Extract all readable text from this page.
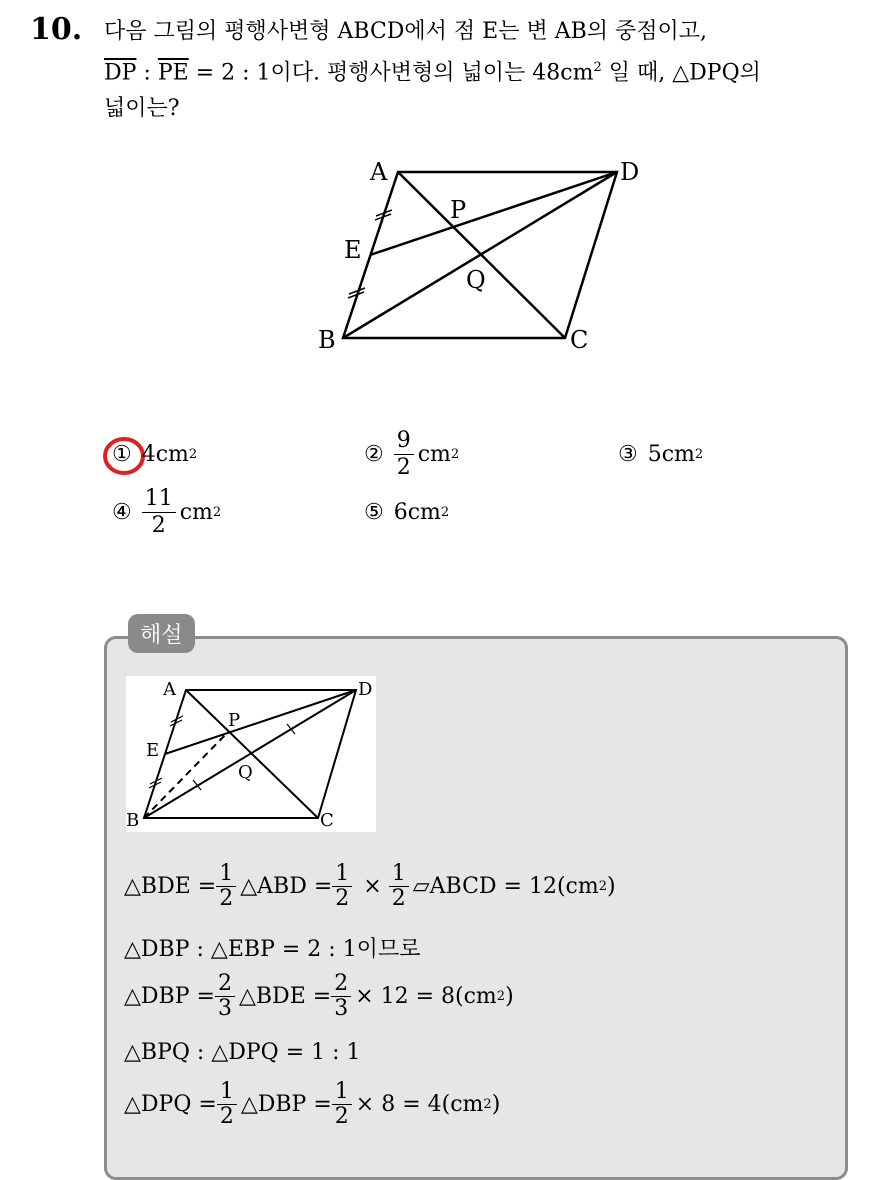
10. 다음 그림의 평행사변형 ABCD에서 점 E는 변 AB의 중점이고,
$\overline{DP}$ : $\overline{PE} = 2$ : 1이다. 평행사변형의 넓이는 $48cm^2$ 일 때, △DPQ의
넓이는?
A	D
B	C
E
P
Q
① 4cm 2	② $\frac{9}{2}$ cm 2	③ 5cm 2
④ $\frac{11}{2}$ cm 2	⑤ 6cm 2
해설
A	D
B	C
E
P
Q
△BDE = $\frac{1}{2}$ △ABD = $\frac{1}{2} \times \frac{1}{2}$ ▱ABCD = 12(cm 2 )
△DBP : △EBP = 2 : 1이므로
△DBP = $\frac{2}{3}$ △BDE = $\frac{2}{3} \times 12 = 8(cm$ 2 )
△BPQ : △DPQ = 1 : 1
△DPQ = $\frac{1}{2}$ △DBP = $\frac{1}{2} \times 8 = 4(cm$ 2 )
